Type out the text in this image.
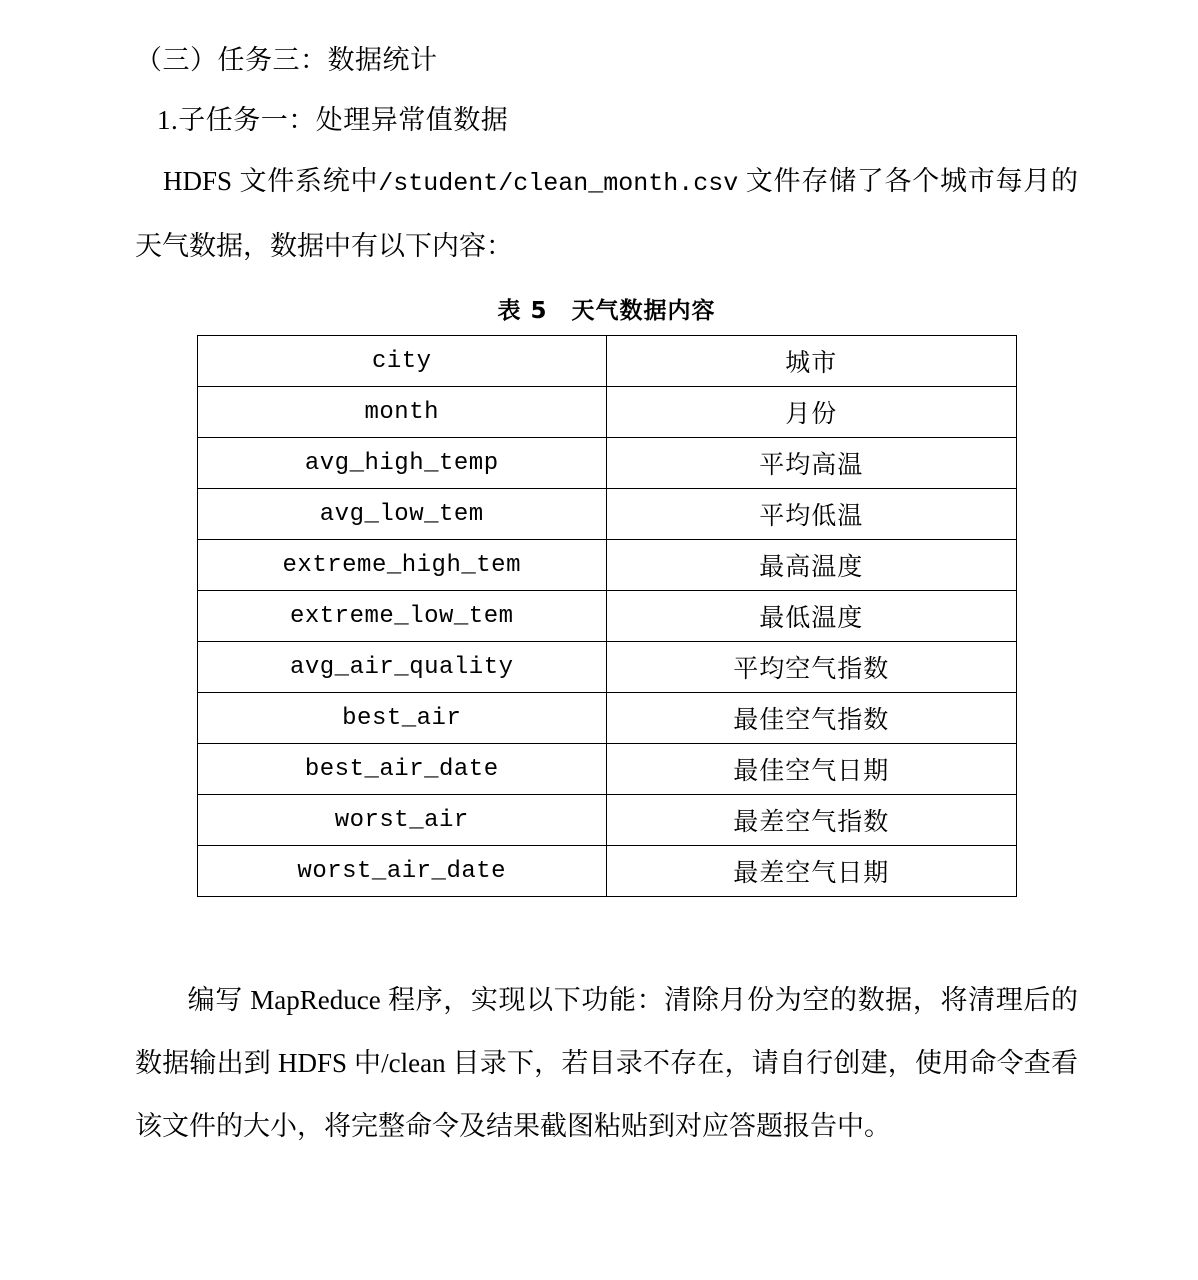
（三）任务三：数据统计
1.子任务一：处理异常值数据

HDFS 文件系统中/student/clean_month.csv 文件存储了各个城市每月的天气数据，数据中有以下内容：

表 5　天气数据内容
city	城市
month	月份
avg_high_temp	平均高温
avg_low_tem	平均低温
extreme_high_tem	最高温度
extreme_low_tem	最低温度
avg_air_quality	平均空气指数
best_air	最佳空气指数
best_air_date	最佳空气日期
worst_air	最差空气指数
worst_air_date	最差空气日期

编写 MapReduce 程序，实现以下功能：清除月份为空的数据，将清理后的数据输出到 HDFS 中/clean 目录下，若目录不存在，请自行创建，使用命令查看该文件的大小，将完整命令及结果截图粘贴到对应答题报告中。
